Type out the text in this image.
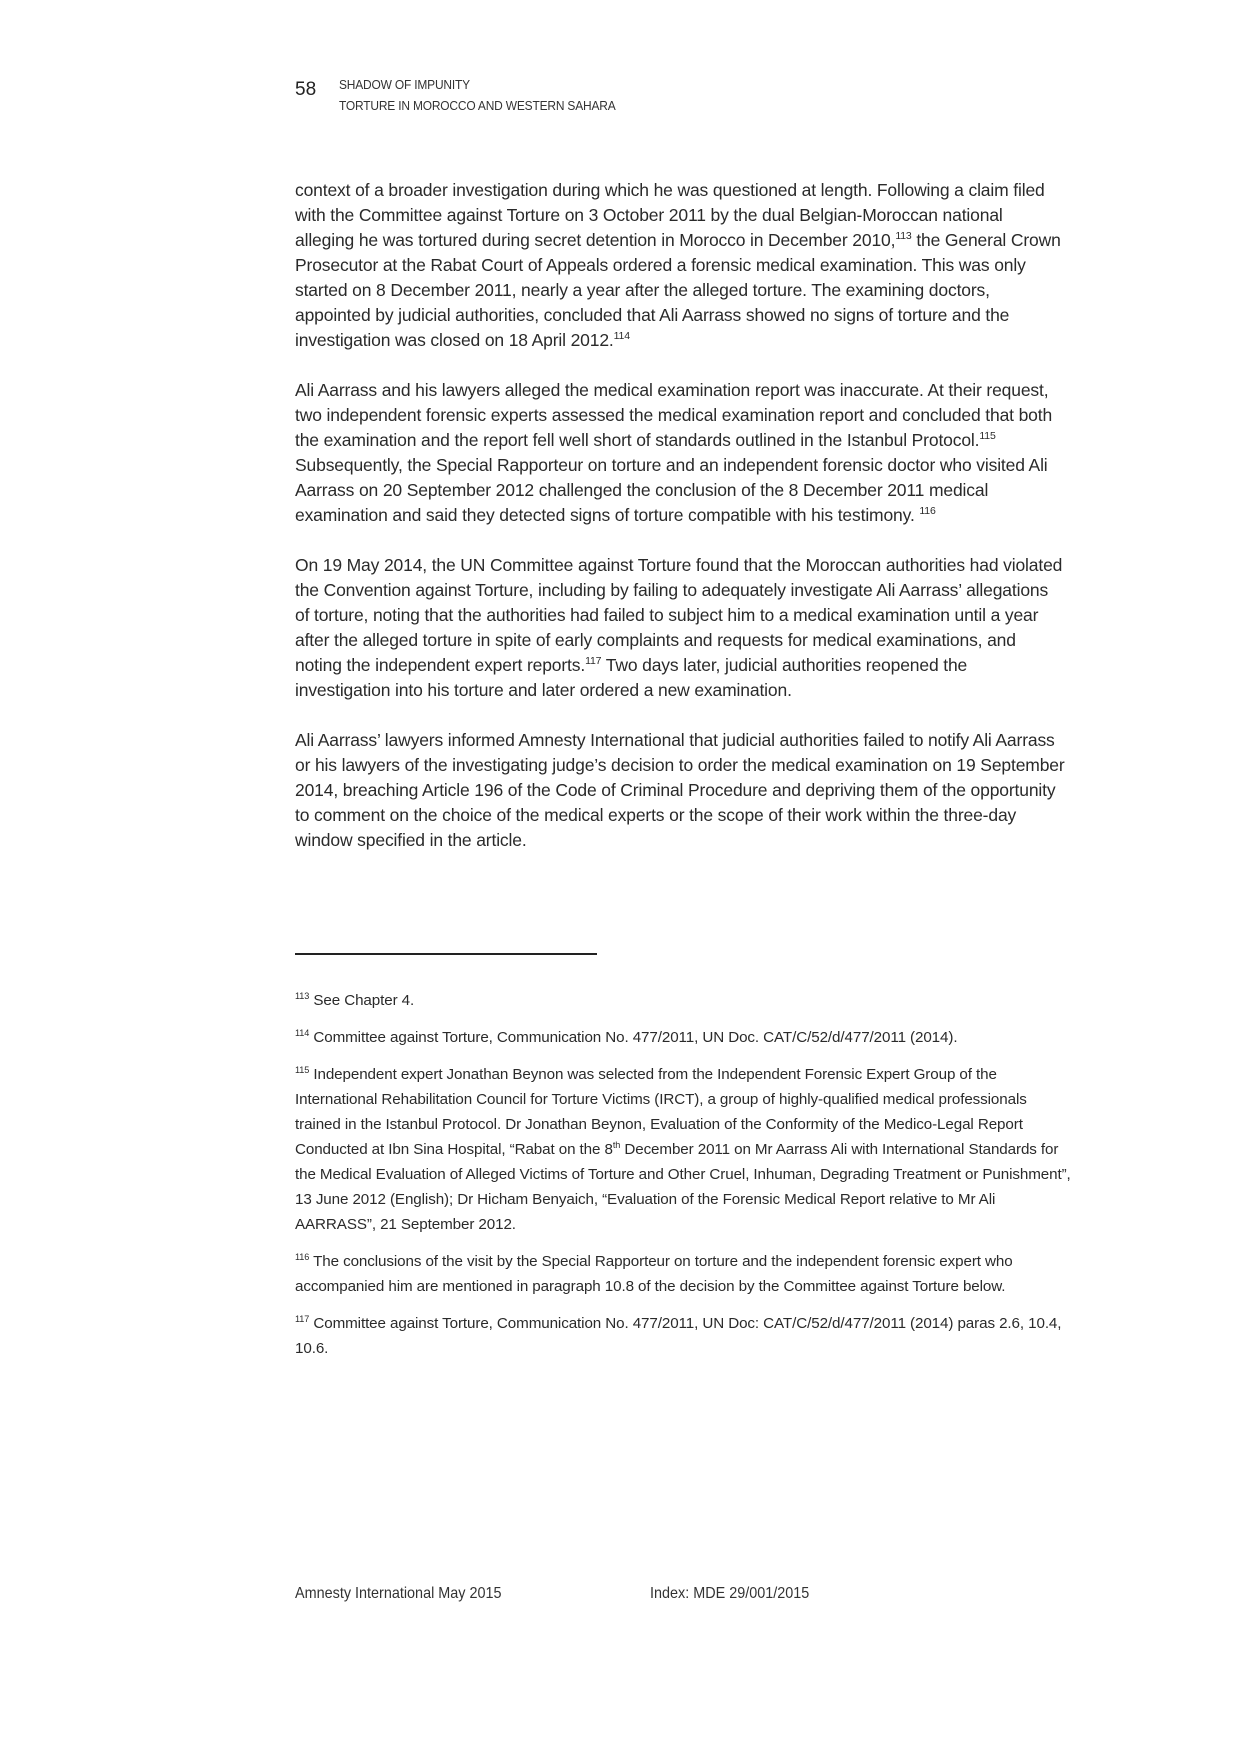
58	SHADOW OF IMPUNITY
TORTURE IN MOROCCO AND WESTERN SAHARA

context of a broader investigation during which he was questioned at length. Following a claim filed with the Committee against Torture on 3 October 2011 by the dual Belgian-Moroccan national alleging he was tortured during secret detention in Morocco in December 2010,$^{113}$ the General Crown Prosecutor at the Rabat Court of Appeals ordered a forensic medical examination. This was only started on 8 December 2011, nearly a year after the alleged torture. The examining doctors, appointed by judicial authorities, concluded that Ali Aarrass showed no signs of torture and the investigation was closed on 18 April 2012.$^{114}$

Ali Aarrass and his lawyers alleged the medical examination report was inaccurate. At their request, two independent forensic experts assessed the medical examination report and concluded that both the examination and the report fell well short of standards outlined in the Istanbul Protocol.$^{115}$ Subsequently, the Special Rapporteur on torture and an independent forensic doctor who visited Ali Aarrass on 20 September 2012 challenged the conclusion of the 8 December 2011 medical examination and said they detected signs of torture compatible with his testimony. $^{116}$

On 19 May 2014, the UN Committee against Torture found that the Moroccan authorities had violated the Convention against Torture, including by failing to adequately investigate Ali Aarrass’ allegations of torture, noting that the authorities had failed to subject him to a medical examination until a year after the alleged torture in spite of early complaints and requests for medical examinations, and noting the independent expert reports.$^{117}$ Two days later, judicial authorities reopened the investigation into his torture and later ordered a new examination.

Ali Aarrass’ lawyers informed Amnesty International that judicial authorities failed to notify Ali Aarrass or his lawyers of the investigating judge’s decision to order the medical examination on 19 September 2014, breaching Article 196 of the Code of Criminal Procedure and depriving them of the opportunity to comment on the choice of the medical experts or the scope of their work within the three-day window specified in the article.

$^{113}$ See Chapter 4.

$^{114}$ Committee against Torture, Communication No. 477/2011, UN Doc. CAT/C/52/d/477/2011 (2014).

$^{115}$ Independent expert Jonathan Beynon was selected from the Independent Forensic Expert Group of the International Rehabilitation Council for Torture Victims (IRCT), a group of highly-qualified medical professionals trained in the Istanbul Protocol. Dr Jonathan Beynon, Evaluation of the Conformity of the Medico-Legal Report Conducted at Ibn Sina Hospital, “Rabat on the 8th December 2011 on Mr Aarrass Ali with International Standards for the Medical Evaluation of Alleged Victims of Torture and Other Cruel, Inhuman, Degrading Treatment or Punishment”, 13 June 2012 (English); Dr Hicham Benyaich, “Evaluation of the Forensic Medical Report relative to Mr Ali AARRASS”, 21 September 2012.

$^{116}$ The conclusions of the visit by the Special Rapporteur on torture and the independent forensic expert who accompanied him are mentioned in paragraph 10.8 of the decision by the Committee against Torture below.

$^{117}$ Committee against Torture, Communication No. 477/2011, UN Doc: CAT/C/52/d/477/2011 (2014) paras 2.6, 10.4, 10.6.

Amnesty International May 2015	Index: MDE 29/001/2015
